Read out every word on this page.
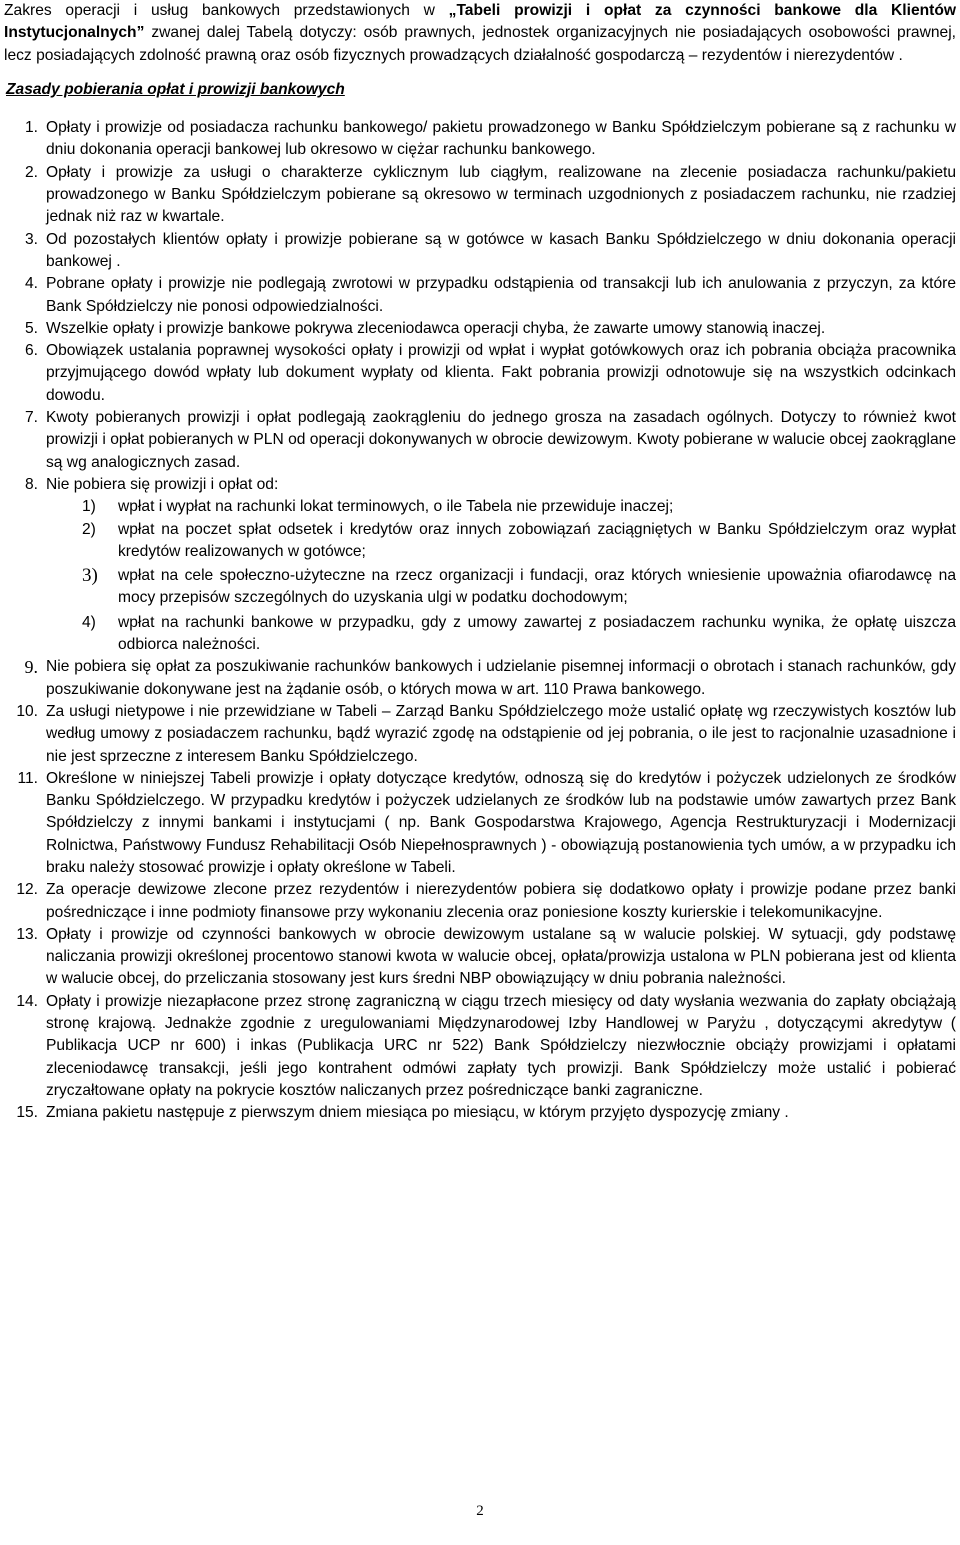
Zakres operacji i usług bankowych przedstawionych w „Tabeli prowizji i opłat za czynności bankowe dla Klientów Instytucjonalnych” zwanej dalej Tabelą dotyczy: osób prawnych, jednostek organizacyjnych nie posiadających osobowości prawnej, lecz posiadających zdolność prawną oraz osób fizycznych prowadzących działalność gospodarczą – rezydentów i nierezydentów .

Zasady pobierania opłat i prowizji bankowych
1. Opłaty i prowizje od posiadacza rachunku bankowego/ pakietu prowadzonego w Banku Spółdzielczym pobierane są z rachunku w dniu dokonania operacji bankowej lub okresowo w ciężar rachunku bankowego.
2. Opłaty i prowizje za usługi o charakterze cyklicznym lub ciągłym, realizowane na zlecenie posiadacza rachunku/pakietu prowadzonego w Banku Spółdzielczym pobierane są okresowo w terminach uzgodnionych z posiadaczem rachunku, nie rzadziej jednak niż raz w kwartale.
3. Od pozostałych klientów opłaty i prowizje pobierane są w gotówce w kasach Banku Spółdzielczego w dniu dokonania operacji bankowej .
4. Pobrane opłaty i prowizje nie podlegają zwrotowi w przypadku odstąpienia od transakcji lub ich anulowania z przyczyn, za które Bank Spółdzielczy nie ponosi odpowiedzialności.
5. Wszelkie opłaty i prowizje bankowe pokrywa zleceniodawca operacji chyba, że zawarte umowy stanowią inaczej.
6. Obowiązek ustalania poprawnej wysokości opłaty i prowizji od wpłat i wypłat gotówkowych oraz ich pobrania obciąża pracownika przyjmującego dowód wpłaty lub dokument wypłaty od klienta. Fakt pobrania prowizji odnotowuje się na wszystkich odcinkach dowodu.
7. Kwoty pobieranych prowizji i opłat podlegają zaokrągleniu do jednego grosza na zasadach ogólnych. Dotyczy to również kwot prowizji i opłat pobieranych w PLN od operacji dokonywanych w obrocie dewizowym. Kwoty pobierane w walucie obcej zaokrąglane są wg analogicznych zasad.
8. Nie pobiera się prowizji i opłat od:
1)	wpłat i wypłat na rachunki lokat terminowych, o ile Tabela nie przewiduje inaczej;
2)	wpłat na poczet spłat odsetek i kredytów oraz innych zobowiązań zaciągniętych w Banku Spółdzielczym oraz wypłat kredytów realizowanych w gotówce;
3)	wpłat na cele społeczno-użyteczne na rzecz organizacji i fundacji, oraz których wniesienie upoważnia ofiarodawcę na mocy przepisów szczególnych do uzyskania ulgi w podatku dochodowym;
4)	wpłat na rachunki bankowe w przypadku, gdy z umowy zawartej z posiadaczem rachunku wynika, że opłatę uiszcza odbiorca należności.
9. Nie pobiera się opłat za poszukiwanie rachunków bankowych i udzielanie pisemnej informacji o obrotach i stanach rachunków, gdy poszukiwanie dokonywane jest na żądanie osób, o których mowa w art. 110 Prawa bankowego.
10. Za usługi nietypowe i nie przewidziane w Tabeli – Zarząd Banku Spółdzielczego może ustalić opłatę wg rzeczywistych kosztów lub według umowy z posiadaczem rachunku, bądź wyrazić zgodę na odstąpienie od jej pobrania, o ile jest to racjonalnie uzasadnione i nie jest sprzeczne z interesem Banku Spółdzielczego.
11. Określone w niniejszej Tabeli prowizje i opłaty dotyczące kredytów, odnoszą się do kredytów i pożyczek udzielonych ze środków Banku Spółdzielczego. W przypadku kredytów i pożyczek udzielanych ze środków lub na podstawie umów zawartych przez Bank Spółdzielczy z innymi bankami i instytucjami ( np. Bank Gospodarstwa Krajowego, Agencja Restrukturyzacji i Modernizacji Rolnictwa, Państwowy Fundusz Rehabilitacji Osób Niepełnosprawnych ) - obowiązują postanowienia tych umów, a w przypadku ich braku należy stosować prowizje i opłaty określone w Tabeli.
12. Za operacje dewizowe zlecone przez rezydentów i nierezydentów pobiera się dodatkowo opłaty i prowizje podane przez banki pośredniczące i inne podmioty finansowe przy wykonaniu zlecenia oraz poniesione koszty kurierskie i telekomunikacyjne.
13. Opłaty i prowizje od czynności bankowych w obrocie dewizowym ustalane są w walucie polskiej. W sytuacji, gdy podstawę naliczania prowizji określonej procentowo stanowi kwota w walucie obcej, opłata/prowizja ustalona w PLN pobierana jest od klienta w walucie obcej, do przeliczania stosowany jest kurs średni NBP obowiązujący w dniu pobrania należności.
14. Opłaty i prowizje niezapłacone przez stronę zagraniczną w ciągu trzech miesięcy od daty wysłania wezwania do zapłaty obciążają stronę krajową. Jednakże zgodnie z uregulowaniami Międzynarodowej Izby Handlowej w Paryżu , dotyczącymi akredytyw ( Publikacja UCP nr 600) i inkas (Publikacja URC nr 522) Bank Spółdzielczy niezwłocznie obciąży prowizjami i opłatami zleceniodawcę transakcji, jeśli jego kontrahent odmówi zapłaty tych prowizji. Bank Spółdzielczy może ustalić i pobierać zryczałtowane opłaty na pokrycie kosztów naliczanych przez pośredniczące banki zagraniczne.
15. Zmiana pakietu następuje z pierwszym dniem miesiąca po miesiącu, w którym przyjęto dyspozycję zmiany .
2
